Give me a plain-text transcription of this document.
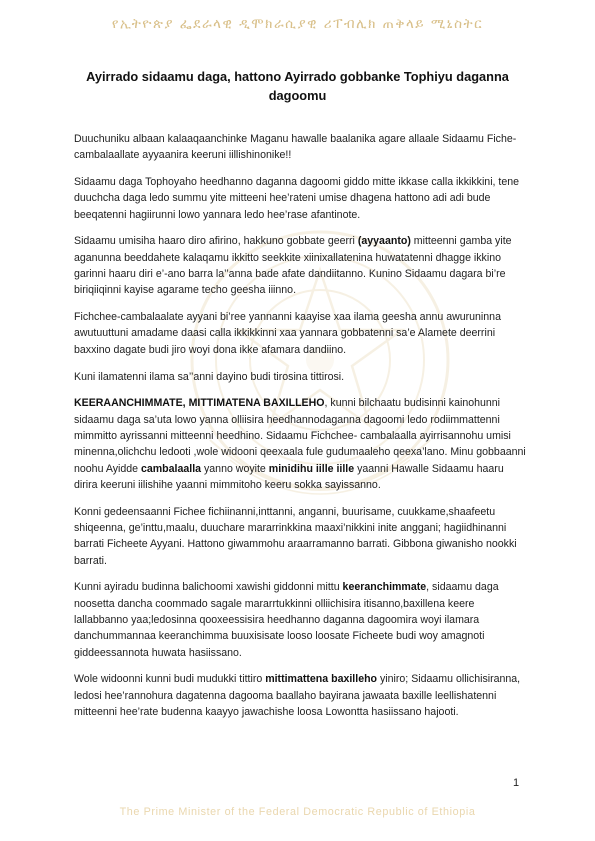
የኢትዮጵያ ፌደራላዊ ዲሞክራሲያዊ ሪፐብሊክ ጠቅላይ ሚኒስትር
Ayirrado sidaamu daga, hattono Ayirrado gobbanke Tophiyu daganna dagoomu

Duuchuniku albaan kalaaqaanchinke Maganu hawalle baalanika agare allaale Sidaamu Fiche-cambalaallate ayyaanira keeruni iillishinonike!!

Sidaamu daga Tophoyaho heedhanno daganna dagoomi giddo mitte ikkase calla ikkikkini, tene duuchcha daga ledo summu yite mitteeni hee’rateni umise dhagena hattono adi adi bude beeqatenni hagiirunni lowo yannara ledo hee’rase afantinote.

Sidaamu umisiha haaro diro afirino, hakkuno gobbate geerri (ayyaanto) mitteenni gamba yite aganunna beeddahete kalaqamu ikkitto seekkite xiinixallatenina huwatatenni dhagge ikkino garinni haaru diri e’-ano barra la’’anna bade afate dandiitanno. Kunino Sidaamu dagara bi’re biriqiiqinni kayise agarame techo geesha iiinno.

Fichchee-cambalaalate ayyani bi’ree yannanni kaayise xaa ilama geesha annu awuruninna awutuuttuni amadame daasi calla ikkikkinni xaa yannara gobbatenni sa’e Alamete deerrini baxxino dagate budi jiro woyi dona ikke afamara dandiino.

Kuni ilamatenni ilama sa’’anni dayino budi tirosina tittirosi.

KEERAANCHIMMATE, MITTIMATENA BAXILLEHO, kunni bilchaatu budisinni kainohunni sidaamu daga sa’uta lowo yanna olliisira heedhannodaganna dagoomi ledo rodiimmattenni mimmitto ayrissanni mitteenni heedhino. Sidaamu Fichchee- cambalaalla ayirrisannohu umisi minenna,olichchu ledooti ,wole widooni qeexaala fule gudumaaleho qeexa’lano. Minu gobbaanni noohu Ayidde cambalaalla yanno woyite minidihu iille iille yaanni Hawalle Sidaamu haaru dirira keeruni iilishihe yaanni mimmitoho keeru sokka sayissanno.

Konni gedeensaanni Fichee fichiinanni,inttanni, anganni, buurisame, cuukkame,shaafeetu shiqeenna, ge’inttu,maalu, duuchare mararrinkkina maaxi’nikkini inite anggani; hagiidhinanni barrati Ficheete Ayyani. Hattono giwammohu araarramanno barrati. Gibbona giwanisho nookki barrati.

Kunni ayiradu budinna balichoomi xawishi giddonni mittu keeranchimmate, sidaamu daga noosetta dancha coommado sagale mararrtukkinni olliichisira itisanno,baxillena keere lallabbanno yaa;ledosinna qooxeessisira heedhanno daganna dagoomira woyi ilamara danchummannaa keeranchimma buuxisisate looso loosate Ficheete budi woy amagnoti giddeessannota huwata hasiissano.

Wole widoonni kunni budi mudukki tittiro mittimattena baxilleho yiniro; Sidaamu ollichisiranna, ledosi hee’rannohura dagatenna dagooma baallaho bayirana jawaata baxille leellishatenni mitteenni hee’rate budenna kaayyo jawachishe loosa Lowontta hasiissano hajooti.

1
The Prime Minister of the Federal Democratic Republic of Ethiopia
